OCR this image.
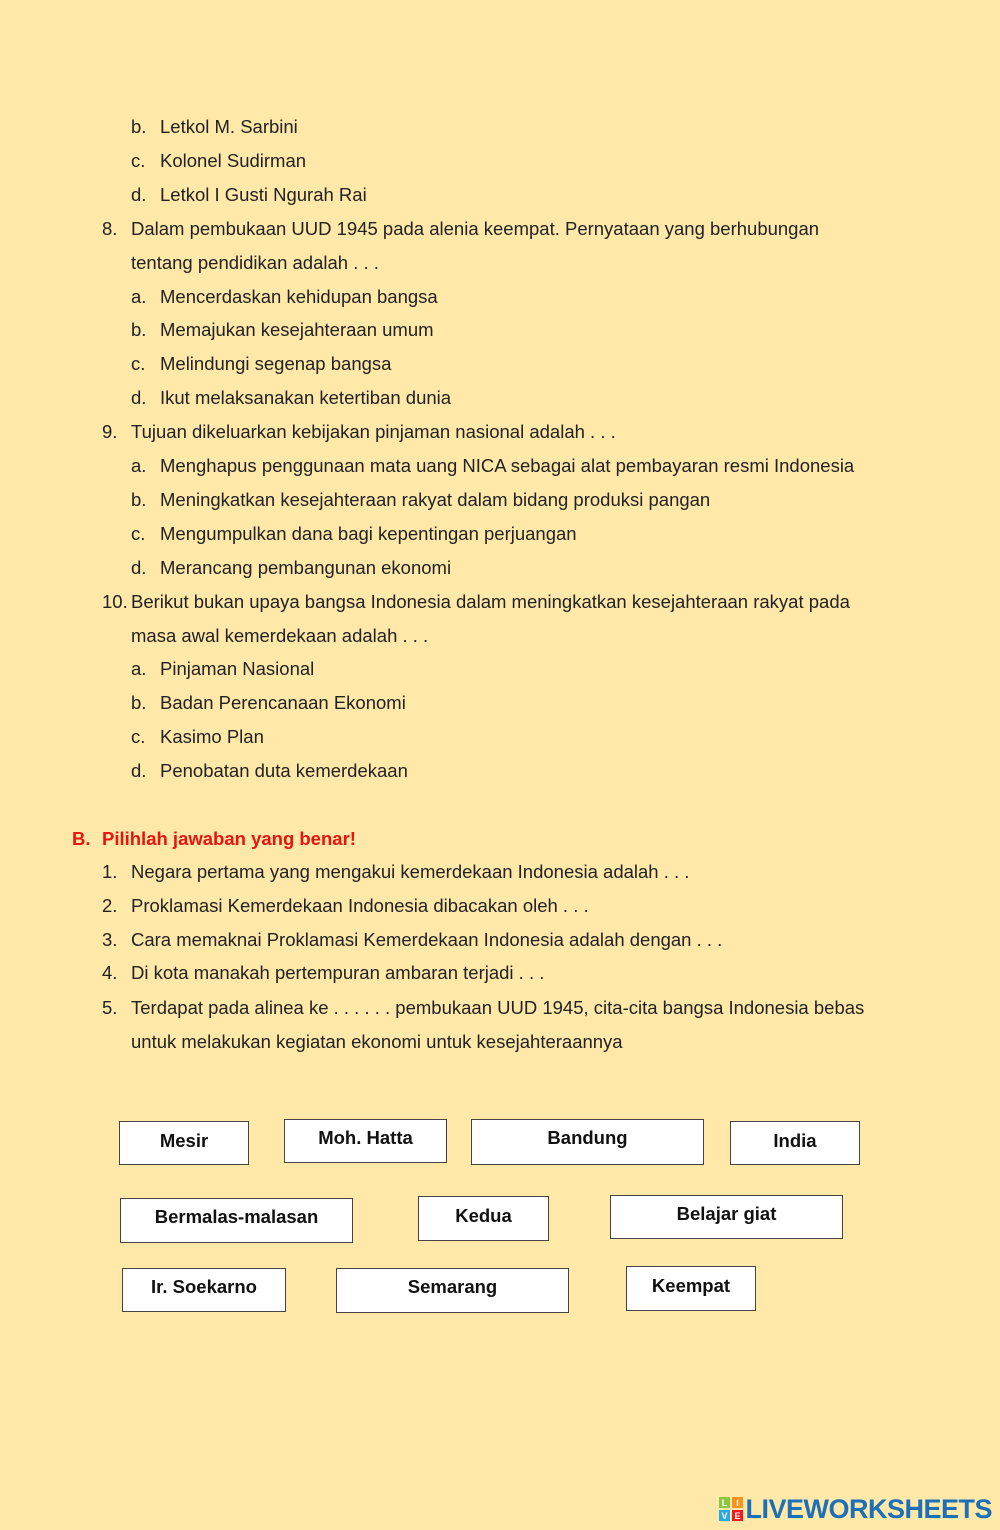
b. Letkol M. Sarbini
c. Kolonel Sudirman
d. Letkol I Gusti Ngurah Rai
8. Dalam pembukaan UUD 1945 pada alenia keempat. Pernyataan yang berhubungan
tentang pendidikan adalah . . .
a. Mencerdaskan kehidupan bangsa
b. Memajukan kesejahteraan umum
c. Melindungi segenap bangsa
d. Ikut melaksanakan ketertiban dunia
9. Tujuan dikeluarkan kebijakan pinjaman nasional adalah . . .
a. Menghapus penggunaan mata uang NICA sebagai alat pembayaran resmi Indonesia
b. Meningkatkan kesejahteraan rakyat dalam bidang produksi pangan
c. Mengumpulkan dana bagi kepentingan perjuangan
d. Merancang pembangunan ekonomi
10. Berikut bukan upaya bangsa Indonesia dalam meningkatkan kesejahteraan rakyat pada
masa awal kemerdekaan adalah . . .
a. Pinjaman Nasional
b. Badan Perencanaan Ekonomi
c. Kasimo Plan
d. Penobatan duta kemerdekaan
B. Pilihlah jawaban yang benar!
1. Negara pertama yang mengakui kemerdekaan Indonesia adalah . . .
2. Proklamasi Kemerdekaan Indonesia dibacakan oleh . . .
3. Cara memaknai Proklamasi Kemerdekaan Indonesia adalah dengan . . .
4. Di kota manakah pertempuran ambaran terjadi . . .
5. Terdapat pada alinea ke . . . . . . pembukaan UUD 1945, cita-cita bangsa Indonesia bebas
untuk melakukan kegiatan ekonomi untuk kesejahteraannya
Mesir	Moh. Hatta	Bandung	India
Bermalas-malasan	Kedua	Belajar giat
Ir. Soekarno	Semarang	Keempat
L I
V E LIVEWORKSHEETS
